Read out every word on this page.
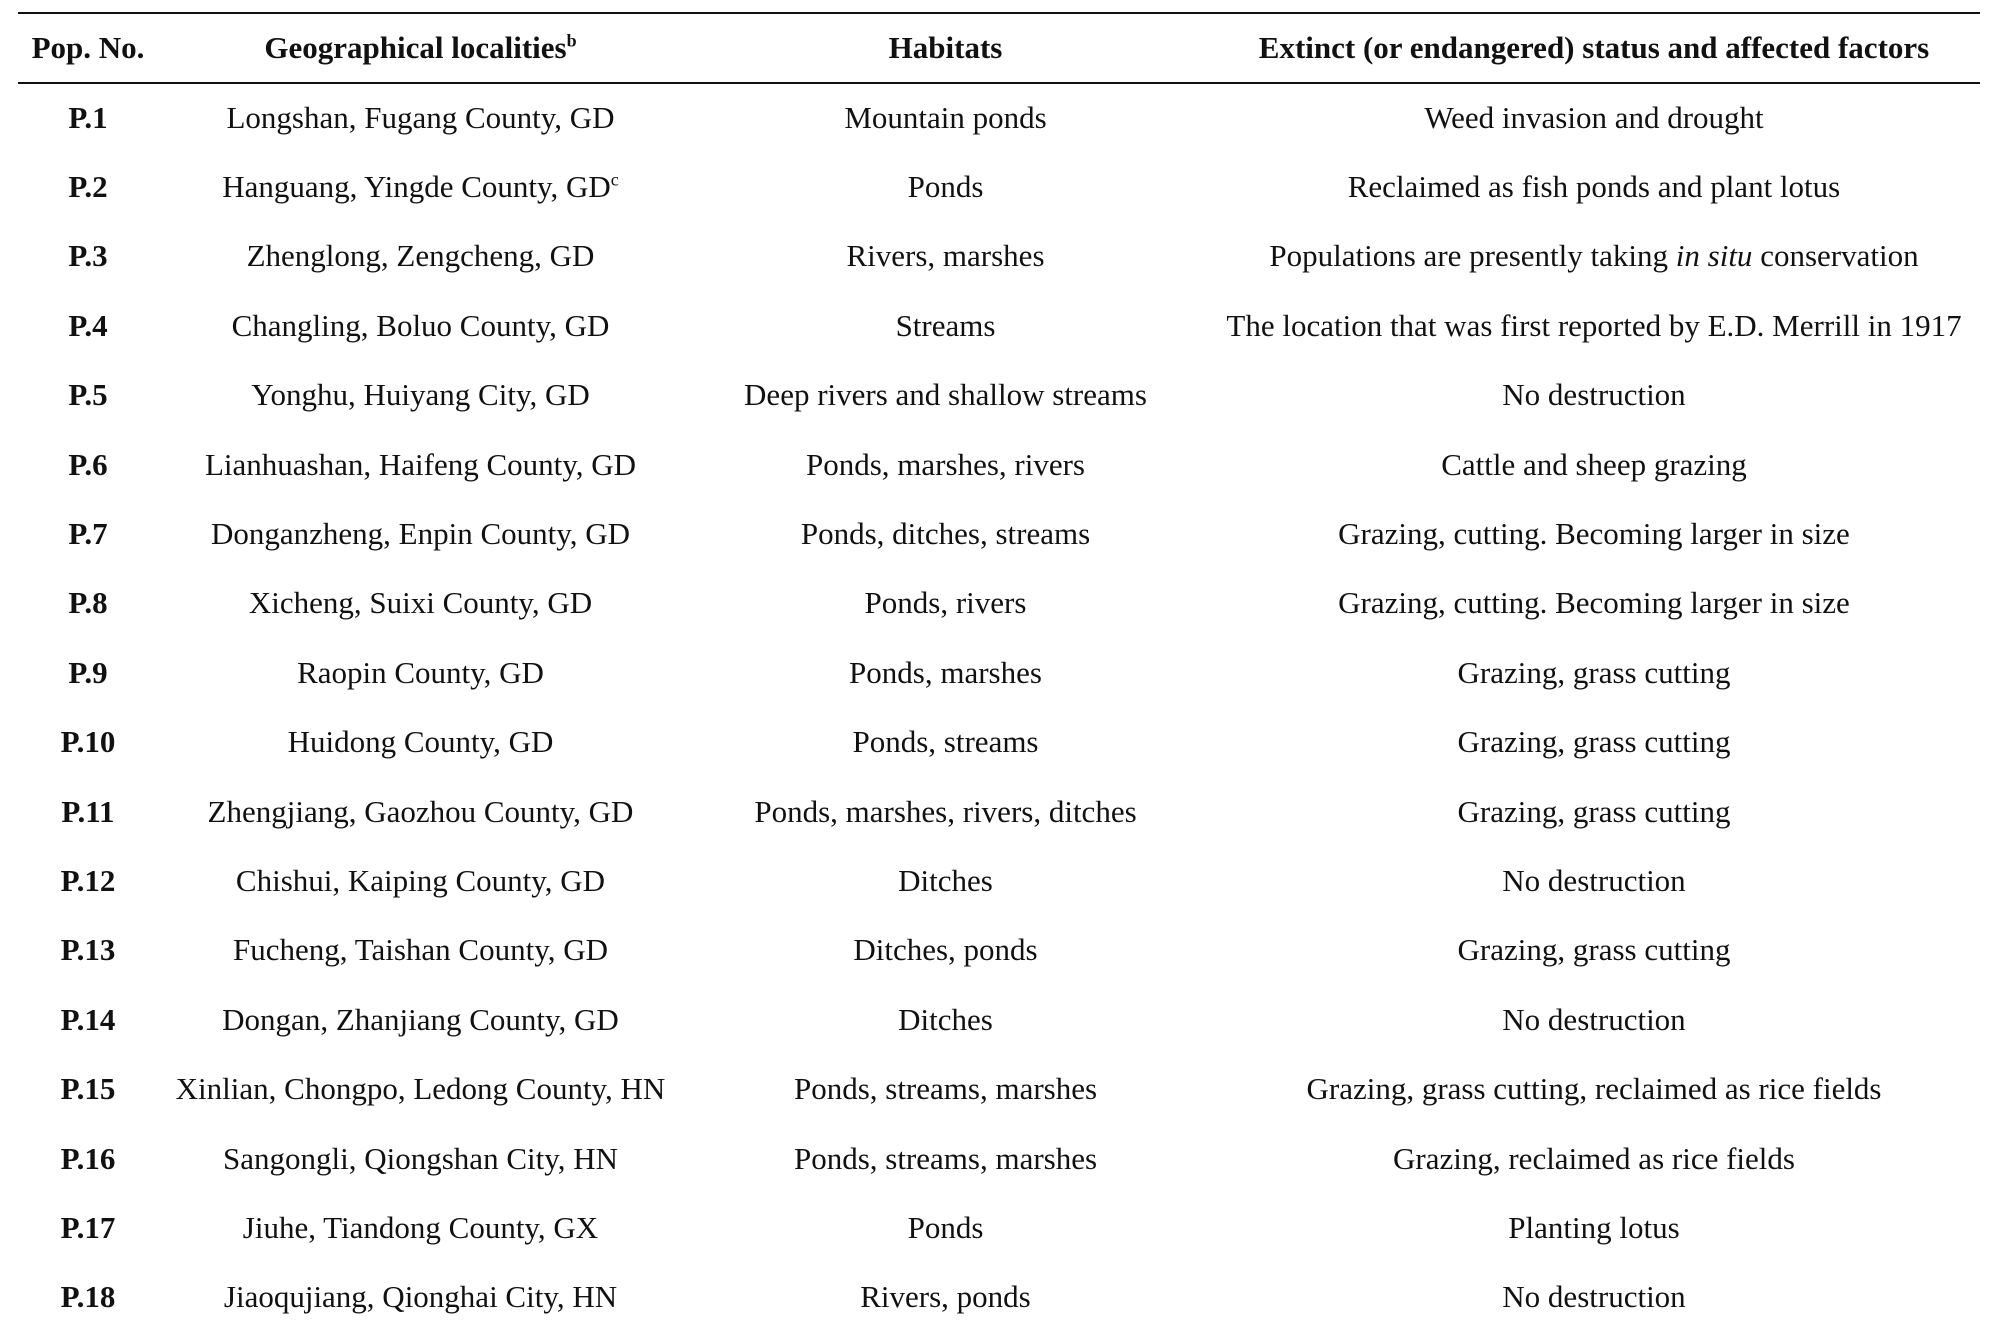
Pop. No.	Geographical localities$^b$	Habitats	Extinct (or endangered) status and affected factors
P.1	Longshan, Fugang County, GD	Mountain ponds	Weed invasion and drought
P.2	Hanguang, Yingde County, $GD^c$	Ponds	Reclaimed as fish ponds and plant lotus
P.3	Zhenglong, Zengcheng, GD	Rivers, marshes	Populations are presently taking in situ conservation
P.4	Changling, Boluo County, GD	Streams	The location that was first reported by E.D. Merrill in 1917
P.5	Yonghu, Huiyang City, GD	Deep rivers and shallow streams	No destruction
P.6	Lianhuashan, Haifeng County, GD	Ponds, marshes, rivers	Cattle and sheep grazing
P.7	Donganzheng, Enpin County, GD	Ponds, ditches, streams	Grazing, cutting. Becoming larger in size
P.8	Xicheng, Suixi County, GD	Ponds, rivers	Grazing, cutting. Becoming larger in size
P.9	Raopin County, GD	Ponds, marshes	Grazing, grass cutting
P.10	Huidong County, GD	Ponds, streams	Grazing, grass cutting
P.11	Zhengjiang, Gaozhou County, GD	Ponds, marshes, rivers, ditches	Grazing, grass cutting
P.12	Chishui, Kaiping County, GD	Ditches	No destruction
P.13	Fucheng, Taishan County, GD	Ditches, ponds	Grazing, grass cutting
P.14	Dongan, Zhanjiang County, GD	Ditches	No destruction
P.15	Xinlian, Chongpo, Ledong County, HN	Ponds, streams, marshes	Grazing, grass cutting, reclaimed as rice fields
P.16	Sangongli, Qiongshan City, HN	Ponds, streams, marshes	Grazing, reclaimed as rice fields
P.17	Jiuhe, Tiandong County, GX	Ponds	Planting lotus
P.18	Jiaoqujiang, Qionghai City, HN	Rivers, ponds	No destruction
